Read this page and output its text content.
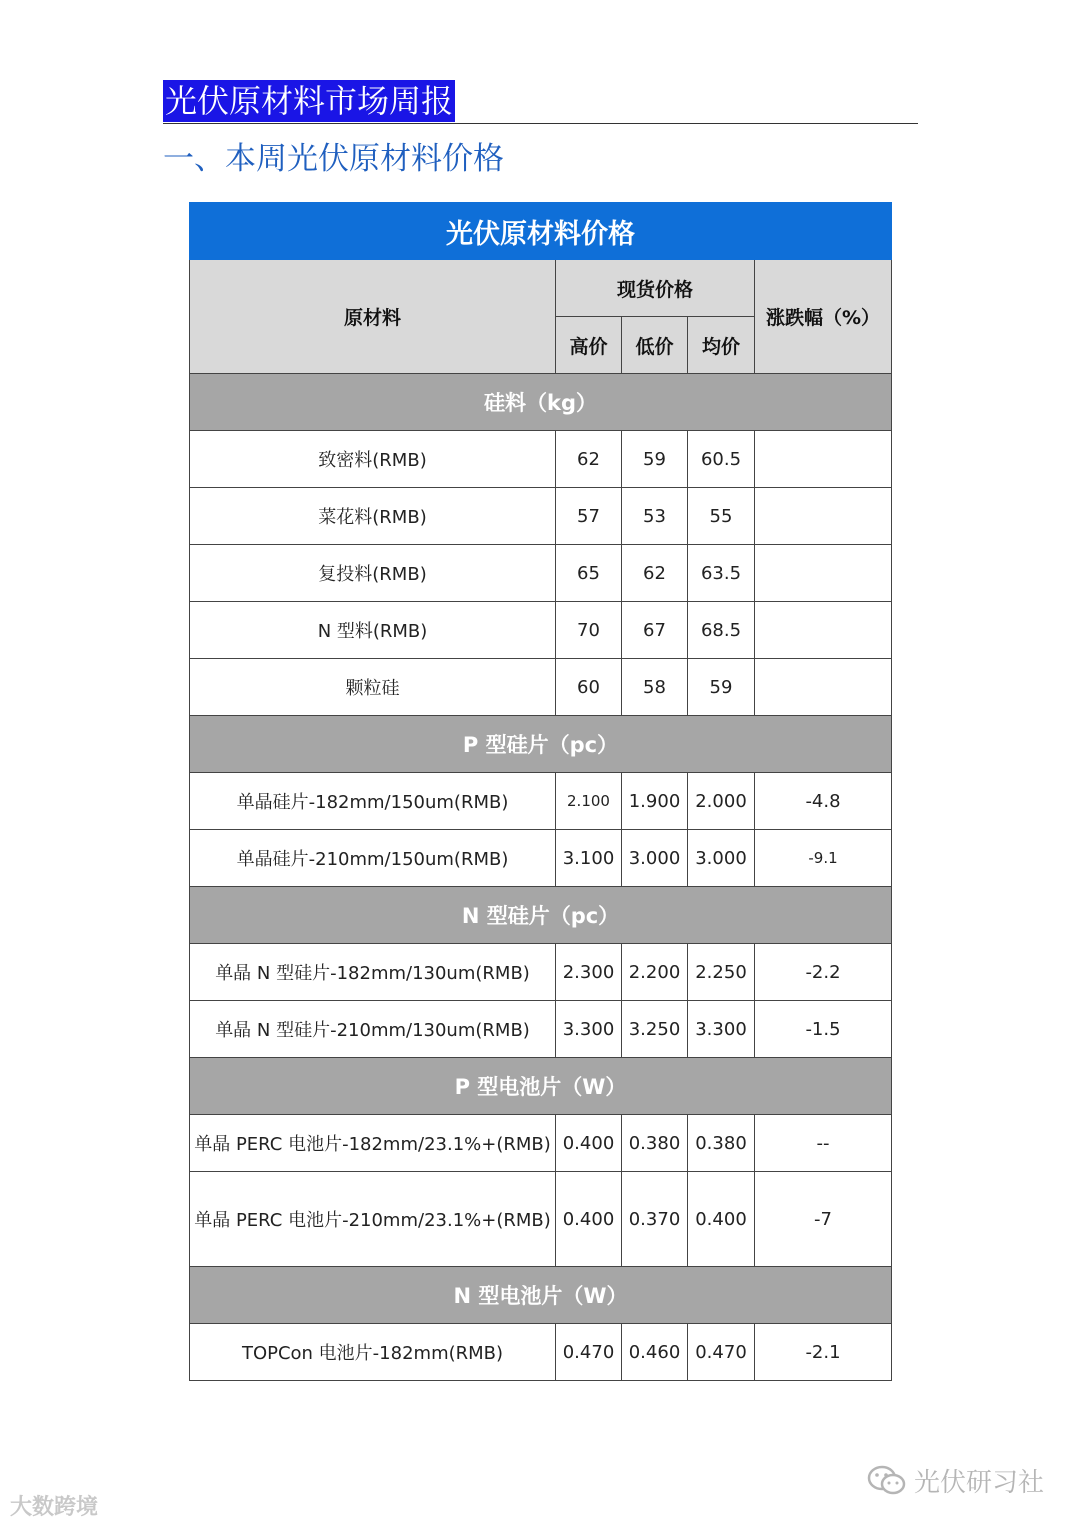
光伏原材料市场周报
一、本周光伏原材料价格
光伏原材料价格				
原材料	现货价格			涨跌幅（%）
	高价	低价	均价	
硅料（kg）				
致密料(RMB)	62	59	60.5	
菜花料(RMB)	57	53	55	
复投料(RMB)	65	62	63.5	
N 型料(RMB)	70	67	68.5	
颗粒硅	60	58	59	
P 型硅片（pc）				
单晶硅片-182mm/150um(RMB)	2.100	1.900	2.000	-4.8
单晶硅片-210mm/150um(RMB)	3.100	3.000	3.000	-9.1
N 型硅片（pc）				
单晶 N 型硅片-182mm/130um(RMB)	2.300	2.200	2.250	-2.2
单晶 N 型硅片-210mm/130um(RMB)	3.300	3.250	3.300	-1.5
P 型电池片（W）				
单晶 PERC 电池片-182mm/23.1%+(RMB)	0.400	0.380	0.380	--
单晶 PERC 电池片-210mm/23.1%+(RMB)	0.400	0.370	0.400	-7
N 型电池片（W）				
TOPCon 电池片-182mm(RMB)	0.470	0.460	0.470	-2.1
大数跨境
光伏研习社
